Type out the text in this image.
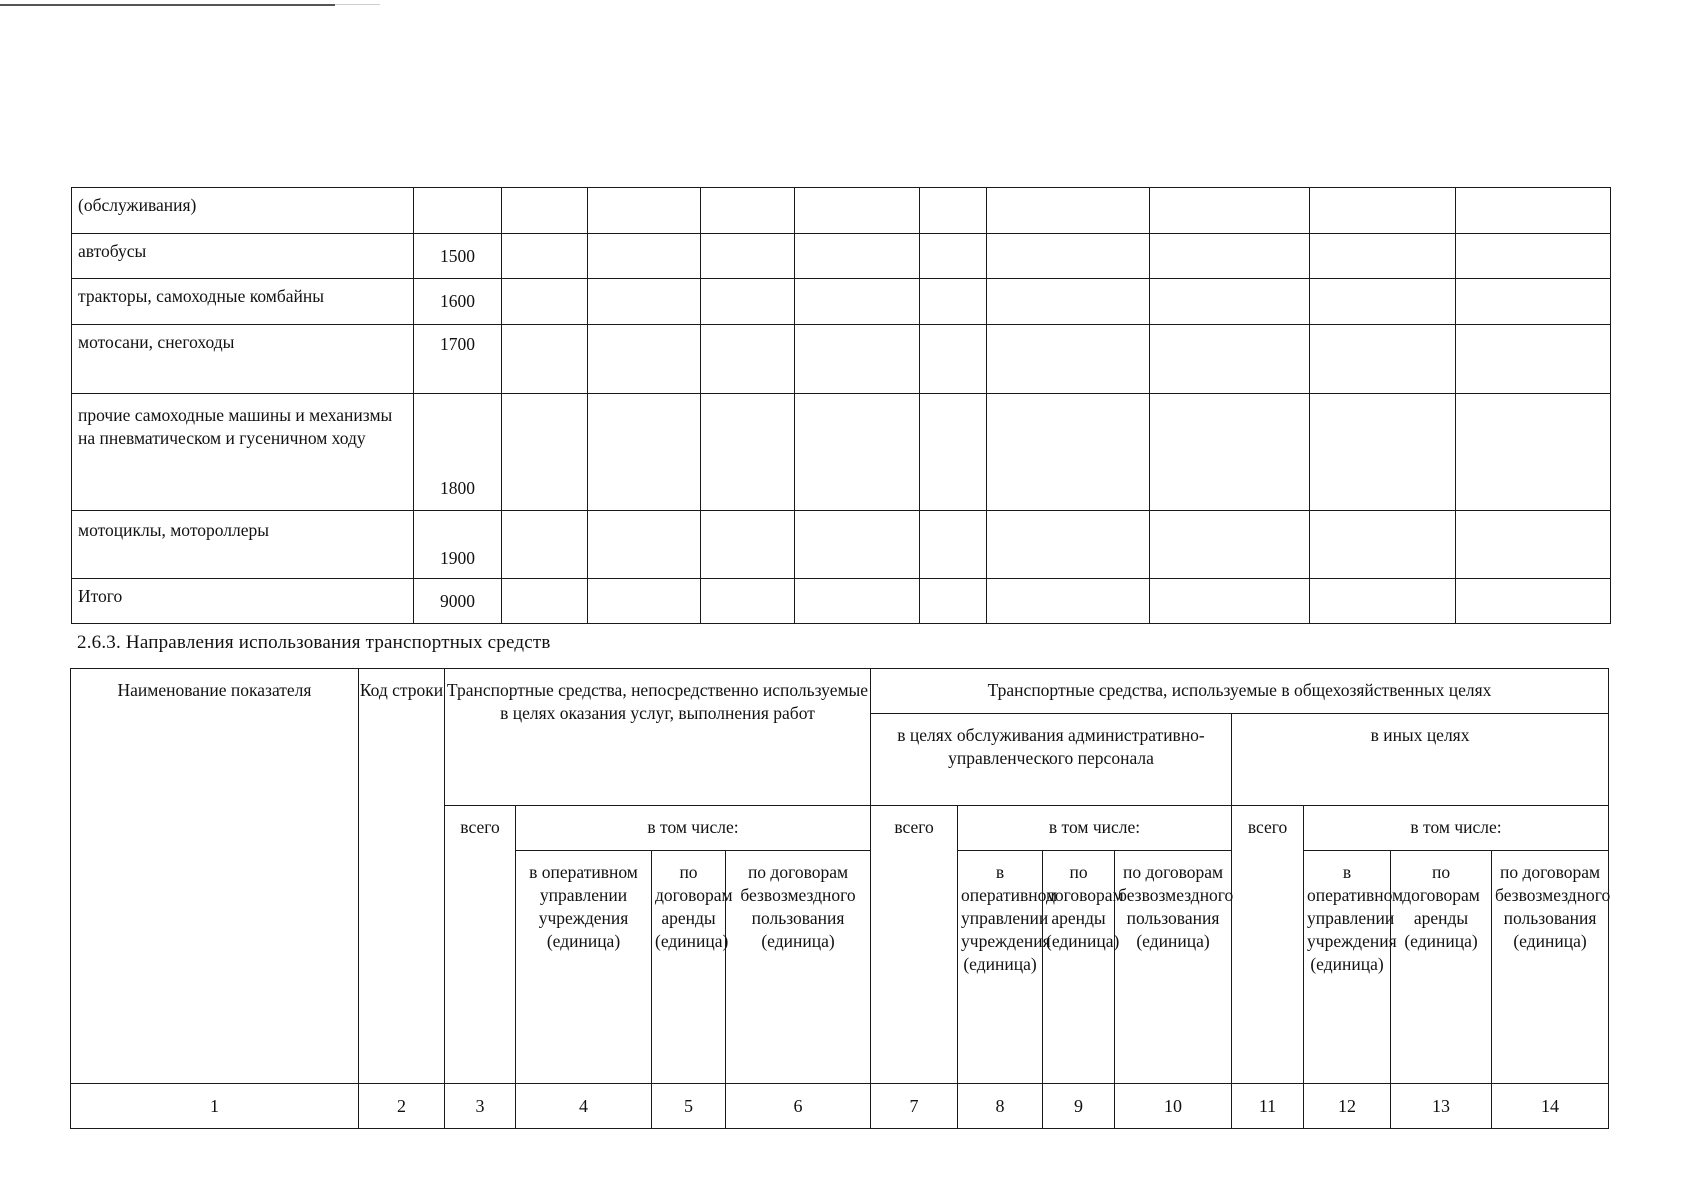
(обслуживания)										
автобусы	1500									
тракторы, самоходные комбайны	1600									
мотосани, снегоходы	1700									
прочие самоходные машины и механизмы на пневматическом и гусеничном ходу	1800									
мотоциклы, мотороллеры	1900									
Итого	9000									
2.6.3. Направления использования транспортных средств
Наименование показателя	Код строки	Транспортные средства, непосредственно используемые в целях оказания услуг, выполнения работ				Транспортные средства, используемые в общехозяйственных целях							
						в целях обслуживания административно-управленческого персонала				в иных целях			
		всего	в том числе:			всего	в том числе:			всего	в том числе:		
			в оперативном управлении учреждения (единица)	по договорам аренды (единица)	по договорам безвозмездного пользования (единица)		в оперативном управлении учреждения (единица)	по договорам аренды (единица)	по договорам безвозмездного пользования (единица)		в оперативном управлении учреждения (единица)	по договорам аренды (единица)	по договорам безвозмездного пользования (единица)
1	2	3	4	5	6	7	8	9	10	11	12	13	14
